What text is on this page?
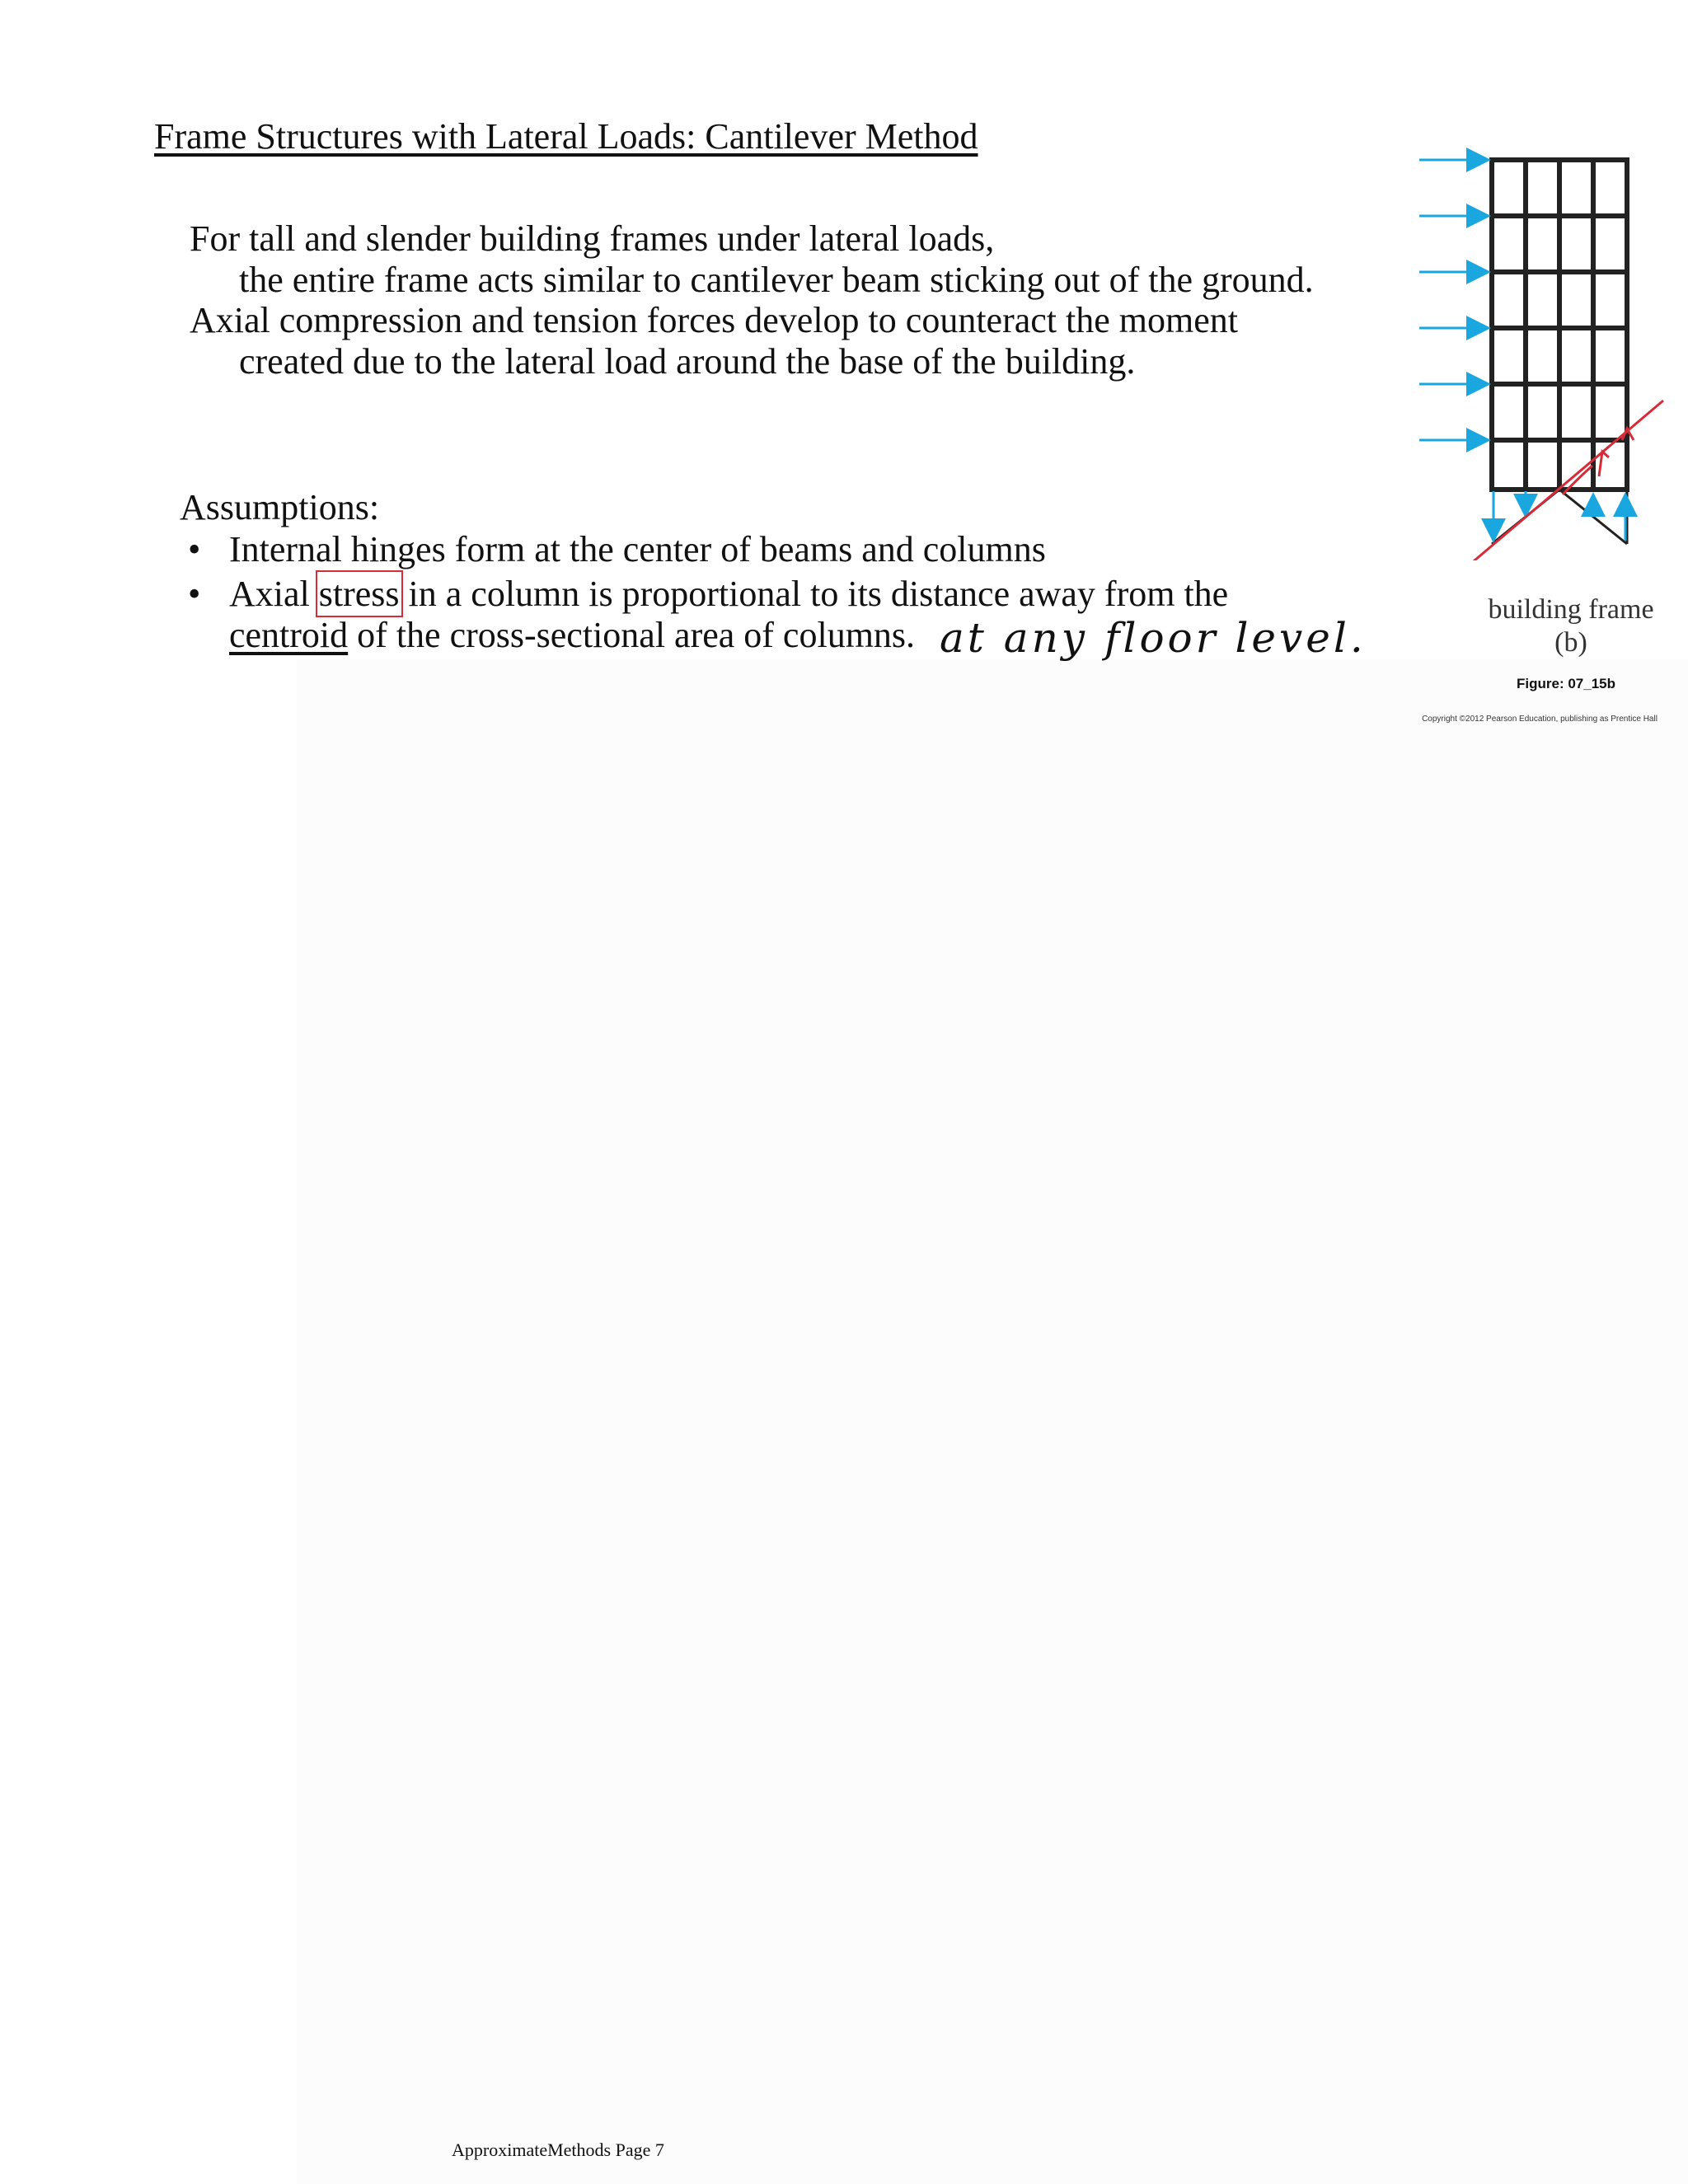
Frame Structures with Lateral Loads: Cantilever Method
For tall and slender building frames under lateral loads,
the entire frame acts similar to cantilever beam sticking out of the ground.
Axial compression and tension forces develop to counteract the moment
created due to the lateral load around the base of the building.
Assumptions:
• Internal hinges form at the center of beams and columns
• Axial stress in a column is proportional to its distance away from the
centroid of the cross-sectional area of columns. at any floor level.
building frame
(b)
Figure: 07_15b
Copyright ©2012 Pearson Education, publishing as Prentice Hall
ApproximateMethods Page 7
